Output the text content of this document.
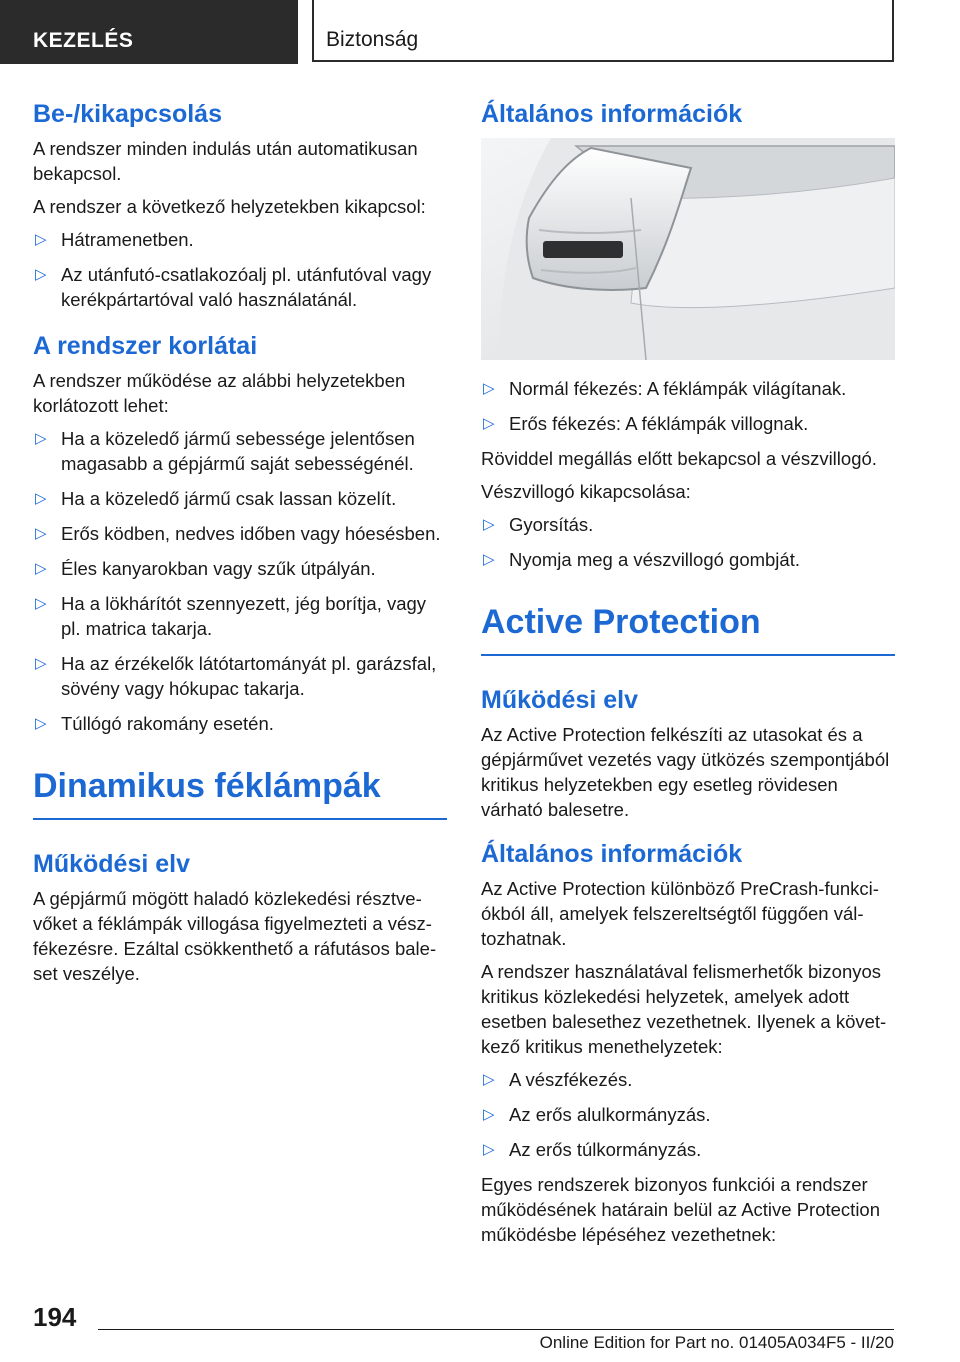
KEZELÉS	Biztonság
Be-/kikapcsolás

A rendszer minden indulás után automatikusan bekapcsol.

A rendszer a következő helyzetekben kikapcsol:

▷ Hátramenetben.
▷ Az utánfutó-csatlakozóalj pl. utánfutóval vagy kerékpártartóval való használatánál.
A rendszer korlátai

A rendszer működése az alábbi helyzetekben korlátozott lehet:

▷ Ha a közeledő jármű sebessége jelentősen magasabb a gépjármű saját sebességénél.
▷ Ha a közeledő jármű csak lassan közelít.
▷ Erős ködben, nedves időben vagy hóesésben.
▷ Éles kanyarokban vagy szűk útpályán.
▷ Ha a lökhárítót szennyezett, jég borítja, vagy pl. matrica takarja.
▷ Ha az érzékelők látótartományát pl. garázsfal, sövény vagy hókupac takarja.
▷ Túllógó rakomány esetén.
Dinamikus féklámpák
Működési elv

A gépjármű mögött haladó közlekedési résztvevőket a féklámpák villogása figyelmezteti a vészfékezésre. Ezáltal csökkenthető a ráfutásos baleset veszélye.

Általános információk
▷ Normál fékezés: A féklámpák világítanak.
▷ Erős fékezés: A féklámpák villognak.

Röviddel megállás előtt bekapcsol a vészvillogó.

Vészvillogó kikapcsolása:

▷ Gyorsítás.
▷ Nyomja meg a vészvillogó gombját.
Active Protection
Működési elv

Az Active Protection felkészíti az utasokat és a gépjárművet vezetés vagy ütközés szempontjából kritikus helyzetekben egy esetleg rövidesen várható balesetre.

Általános információk

Az Active Protection különböző PreCrash-funkciókból áll, amelyek felszereltségtől függően változhatnak.

A rendszer használatával felismerhetők bizonyos kritikus közlekedési helyzetek, amelyek adott esetben balesethez vezethetnek. Ilyenek a következő kritikus menethelyzetek:

▷ A vészfékezés.
▷ Az erős alulkormányzás.
▷ Az erős túlkormányzás.

Egyes rendszerek bizonyos funkciói a rendszer működésének határain belül az Active Protection működésbe lépéséhez vezethetnek:

194
Online Edition for Part no. 01405A034F5 - II/20
